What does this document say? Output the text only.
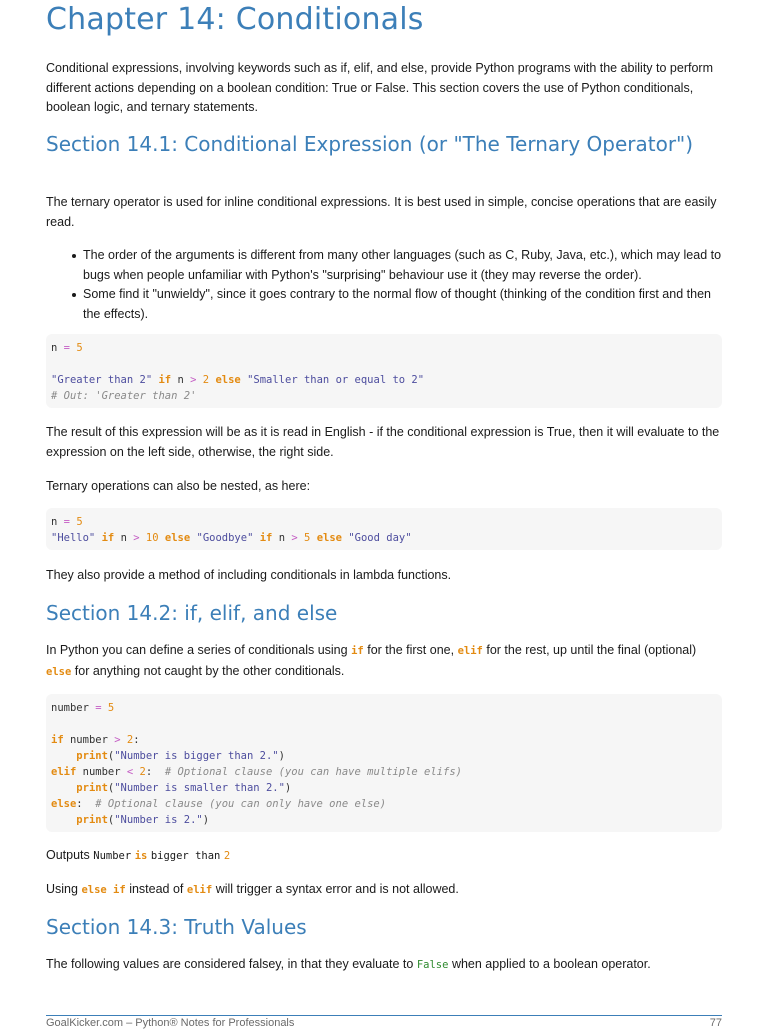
Chapter 14: Conditionals

Conditional expressions, involving keywords such as if, elif, and else, provide Python programs with the ability to perform different actions depending on a boolean condition: True or False. This section covers the use of Python conditionals, boolean logic, and ternary statements.

Section 14.1: Conditional Expression (or "The Ternary Operator")

The ternary operator is used for inline conditional expressions. It is best used in simple, concise operations that are easily read.

The order of the arguments is different from many other languages (such as C, Ruby, Java, etc.), which may lead to bugs when people unfamiliar with Python's "surprising" behaviour use it (they may reverse the order).
Some find it "unwieldy", since it goes contrary to the normal flow of thought (thinking of the condition first and then the effects).
n = 5

"Greater than 2" if n > 2 else "Smaller than or equal to 2"
# Out: 'Greater than 2'

The result of this expression will be as it is read in English - if the conditional expression is True, then it will evaluate to the expression on the left side, otherwise, the right side.

Ternary operations can also be nested, as here:

n = 5
"Hello" if n > 10 else "Goodbye" if n > 5 else "Good day"

They also provide a method of including conditionals in lambda functions.

Section 14.2: if, elif, and else

In Python you can define a series of conditionals using if for the first one, elif for the rest, up until the final (optional) else for anything not caught by the other conditionals.

number = 5

if number > 2:
print("Number is bigger than 2.")
elif number < 2: # Optional clause (you can have multiple elifs)
print("Number is smaller than 2.")
else: # Optional clause (you can only have one else)
print("Number is 2.")

Outputs Number is bigger than 2

Using else if instead of elif will trigger a syntax error and is not allowed.

Section 14.3: Truth Values

The following values are considered falsey, in that they evaluate to False when applied to a boolean operator.

GoalKicker.com – Python® Notes for Professionals	77
